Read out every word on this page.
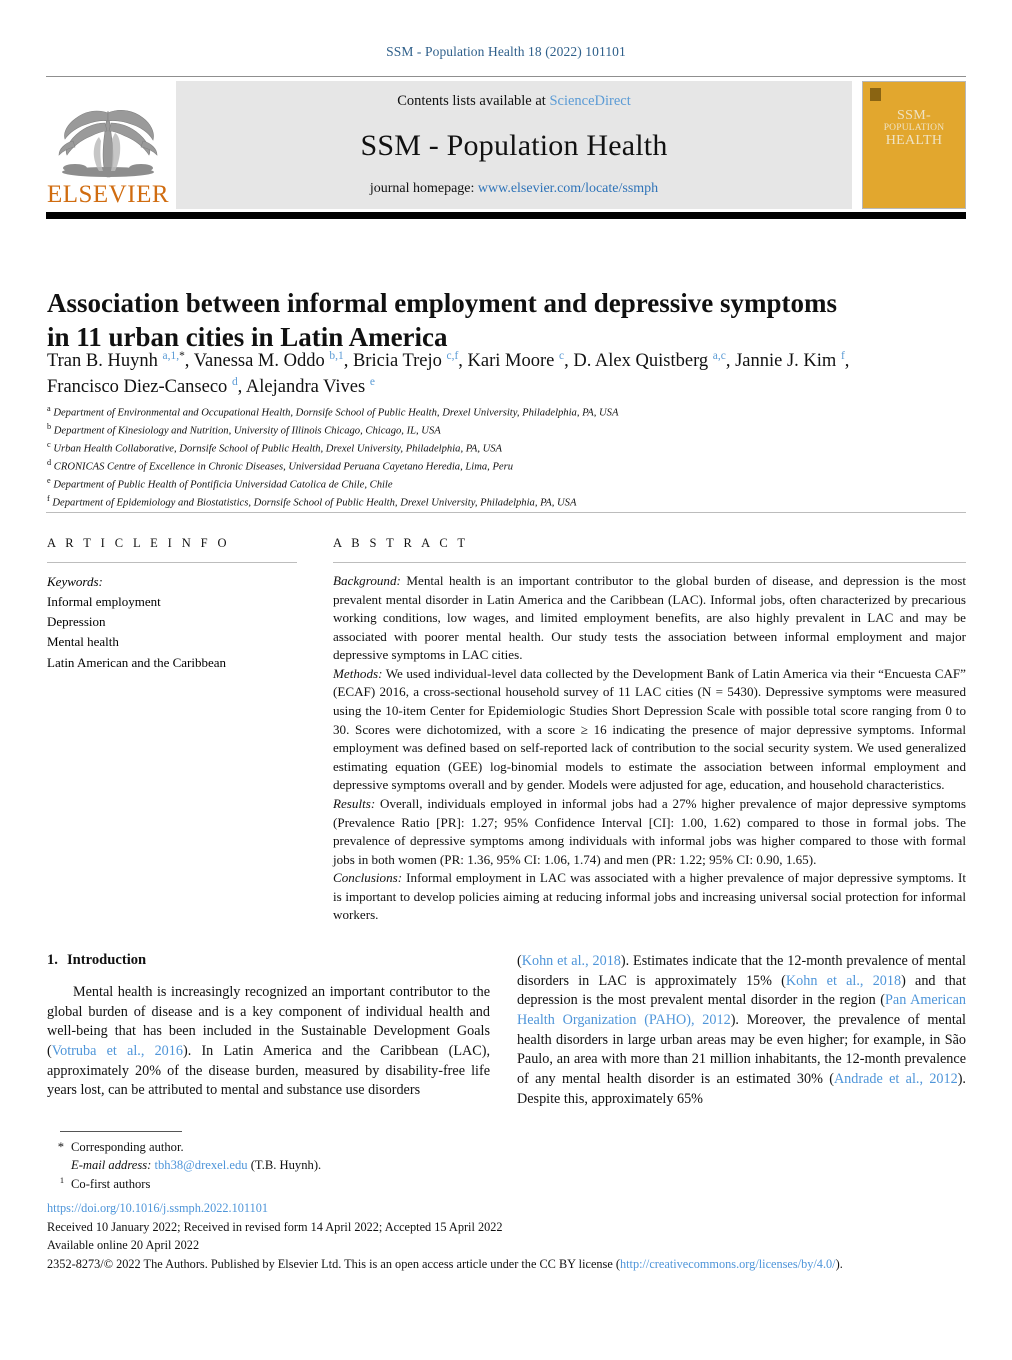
SSM - Population Health 18 (2022) 101101
ELSEVIER
Contents lists available at ScienceDirect
SSM - Population Health
journal homepage: www.elsevier.com/locate/ssmph
SSM-
POPULATION
HEALTH
Association between informal employment and depressive symptoms in 11 urban cities in Latin America
Tran B. Huynh $^{a,1,*}$, Vanessa M. Oddo $^{b,1}$, Bricia Trejo $^{c,f}$, Kari Moore $^c$, D. Alex Quistberg $^{a,c}$, Jannie J. Kim $^f$, Francisco Diez-Canseco $^d$, Alejandra Vives $^e$
$^a$ Department of Environmental and Occupational Health, Dornsife School of Public Health, Drexel University, Philadelphia, PA, USA
$^b$ Department of Kinesiology and Nutrition, University of Illinois Chicago, Chicago, IL, USA
$^c$ Urban Health Collaborative, Dornsife School of Public Health, Drexel University, Philadelphia, PA, USA
$^d$ CRONICAS Centre of Excellence in Chronic Diseases, Universidad Peruana Cayetano Heredia, Lima, Peru
$^e$ Department of Public Health of Pontificia Universidad Catolica de Chile, Chile
$^f$ Department of Epidemiology and Biostatistics, Dornsife School of Public Health, Drexel University, Philadelphia, PA, USA
A R T I C L E I N F O
Keywords:
Informal employment
Depression
Mental health
Latin American and the Caribbean
A B S T R A C T

Background: Mental health is an important contributor to the global burden of disease, and depression is the most prevalent mental disorder in Latin America and the Caribbean (LAC). Informal jobs, often characterized by precarious working conditions, low wages, and limited employment benefits, are also highly prevalent in LAC and may be associated with poorer mental health. Our study tests the association between informal employment and major depressive symptoms in LAC cities.

Methods: We used individual-level data collected by the Development Bank of Latin America via their “Encuesta CAF” (ECAF) 2016, a cross-sectional household survey of 11 LAC cities (N = 5430). Depressive symptoms were measured using the 10-item Center for Epidemiologic Studies Short Depression Scale with possible total score ranging from 0 to 30. Scores were dichotomized, with a score ≥ 16 indicating the presence of major depressive symptoms. Informal employment was defined based on self-reported lack of contribution to the social security system. We used generalized estimating equation (GEE) log-binomial models to estimate the association between informal employment and depressive symptoms overall and by gender. Models were adjusted for age, education, and household characteristics.

Results: Overall, individuals employed in informal jobs had a 27% higher prevalence of major depressive symptoms (Prevalence Ratio [PR]: 1.27; 95% Confidence Interval [CI]: 1.00, 1.62) compared to those in formal jobs. The prevalence of depressive symptoms among individuals with informal jobs was higher compared to those with formal jobs in both women (PR: 1.36, 95% CI: 1.06, 1.74) and men (PR: 1.22; 95% CI: 0.90, 1.65).

Conclusions: Informal employment in LAC was associated with a higher prevalence of major depressive symptoms. It is important to develop policies aiming at reducing informal jobs and increasing universal social protection for informal workers.

1. Introduction

Mental health is increasingly recognized an important contributor to the global burden of disease and is a key component of individual health and well-being that has been included in the Sustainable Development Goals (Votruba et al., 2016). In Latin America and the Caribbean (LAC), approximately 20% of the disease burden, measured by disability-free life years lost, can be attributed to mental and substance use disorders

(Kohn et al., 2018). Estimates indicate that the 12-month prevalence of mental disorders in LAC is approximately 15% (Kohn et al., 2018) and that depression is the most prevalent mental disorder in the region (Pan American Health Organization (PAHO), 2012). Moreover, the prevalence of mental health disorders in large urban areas may be even higher; for example, in São Paulo, an area with more than 21 million inhabitants, the 12-month prevalence of any mental health disorder is an estimated 30% (Andrade et al., 2012). Despite this, approximately 65%

* Corresponding author.
E-mail address: tbh38@drexel.edu (T.B. Huynh).
$^1$ Co-first authors
https://doi.org/10.1016/j.ssmph.2022.101101
Received 10 January 2022; Received in revised form 14 April 2022; Accepted 15 April 2022
Available online 20 April 2022
2352-8273/© 2022 The Authors. Published by Elsevier Ltd. This is an open access article under the CC BY license (http://creativecommons.org/licenses/by/4.0/).
